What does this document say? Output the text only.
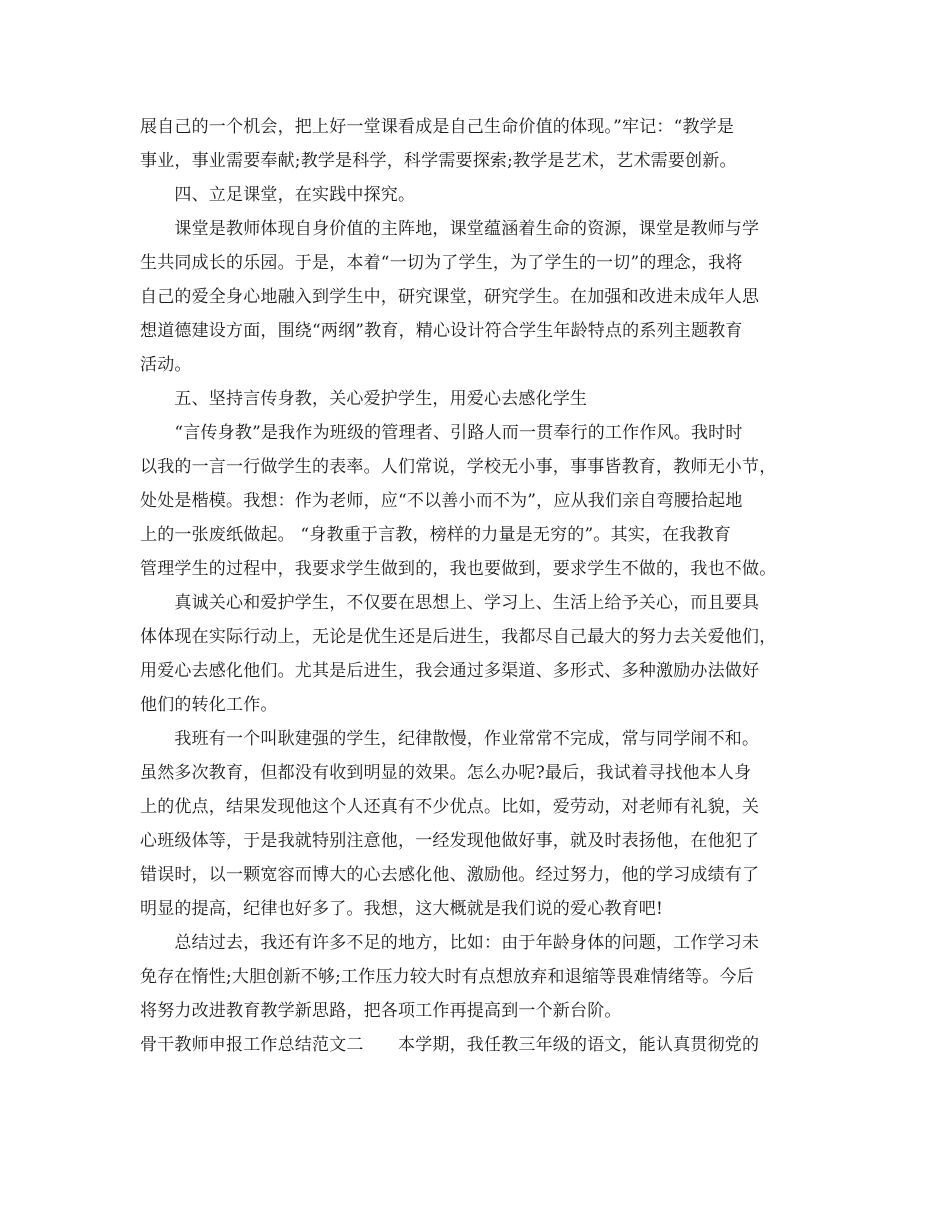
展自己的一个机会，把上好一堂课看成是自己生命价值的体现。”牢记：“教学是
事业，事业需要奉献;教学是科学，科学需要探索;教学是艺术，艺术需要创新。
　　四、立足课堂，在实践中探究。
　　课堂是教师体现自身价值的主阵地，课堂蕴涵着生命的资源，课堂是教师与学
生共同成长的乐园。于是，本着“一切为了学生，为了学生的一切”的理念，我将
自己的爱全身心地融入到学生中，研究课堂，研究学生。在加强和改进未成年人思
想道德建设方面，围绕“两纲”教育，精心设计符合学生年龄特点的系列主题教育
活动。
　　五、坚持言传身教，关心爱护学生，用爱心去感化学生
　　“言传身教”是我作为班级的管理者、引路人而一贯奉行的工作作风。我时时
以我的一言一行做学生的表率。人们常说，学校无小事，事事皆教育，教师无小节，
处处是楷模。我想：作为老师，应“不以善小而不为”，应从我们亲自弯腰拾起地
上的一张废纸做起。 “身教重于言教，榜样的力量是无穷的”。其实，在我教育
管理学生的过程中，我要求学生做到的，我也要做到，要求学生不做的，我也不做。
　　真诚关心和爱护学生，不仅要在思想上、学习上、生活上给予关心，而且要具
体体现在实际行动上，无论是优生还是后进生，我都尽自己最大的努力去关爱他们，
用爱心去感化他们。尤其是后进生，我会通过多渠道、多形式、多种激励办法做好
他们的转化工作。
　　我班有一个叫耿建强的学生，纪律散慢，作业常常不完成，常与同学闹不和。
虽然多次教育，但都没有收到明显的效果。怎么办呢?最后，我试着寻找他本人身
上的优点，结果发现他这个人还真有不少优点。比如，爱劳动，对老师有礼貌，关
心班级体等，于是我就特别注意他，一经发现他做好事，就及时表扬他，在他犯了
错误时，以一颗宽容而博大的心去感化他、激励他。经过努力，他的学习成绩有了
明显的提高，纪律也好多了。我想，这大概就是我们说的爱心教育吧!
　　总结过去，我还有许多不足的地方，比如：由于年龄身体的问题，工作学习未
免存在惰性;大胆创新不够;工作压力较大时有点想放弃和退缩等畏难情绪等。今后
将努力改进教育教学新思路，把各项工作再提高到一个新台阶。
骨干教师申报工作总结范文二　　本学期，我任教三年级的语文，能认真贯彻党的
